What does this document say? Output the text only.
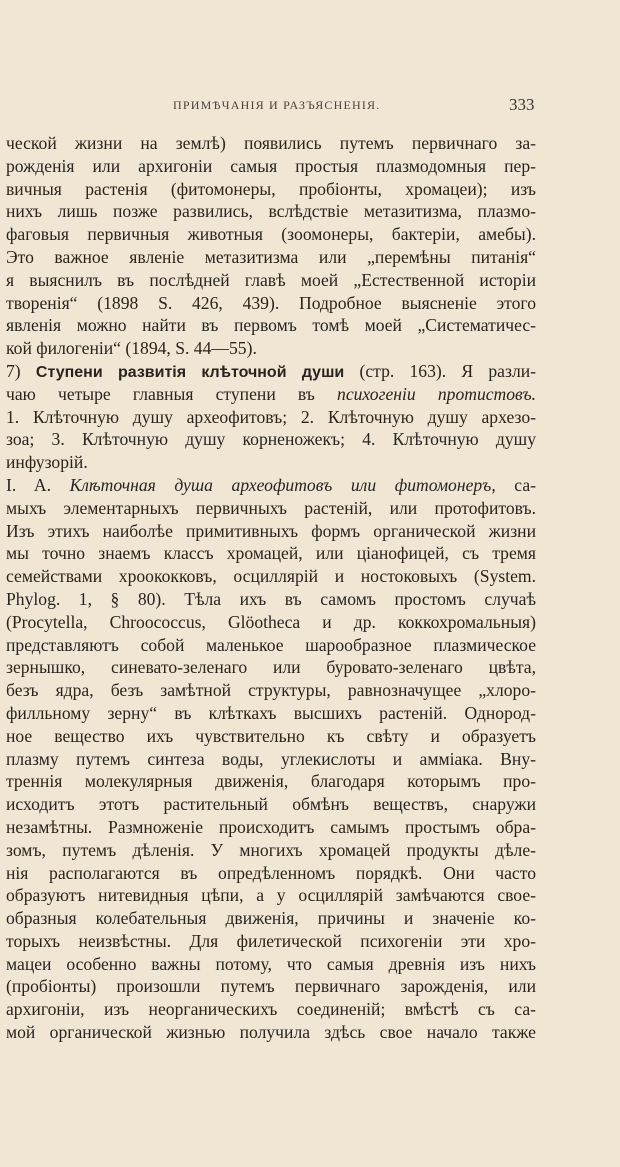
ПРИМѢЧАНІЯ И РАЗЪЯСНЕНІЯ.	333
ческой жизни на землѣ) появились путемъ первичнаго за-
рожденія или архигоніи самыя простыя плазмодомныя пер-
вичныя растенія (фитомонеры, пробіонты, хромацеи); изъ
нихъ лишь позже развились, вслѣдствіе метазитизма, плазмо-
фаговыя первичныя животныя (зоомонеры, бактеріи, амебы).
Это важное явленіе метазитизма или „перемѣны питанія“
я выяснилъ въ послѣдней главѣ моей „Естественной исторіи
творенія“ (1898 S. 426, 439). Подробное выясненіе этого
явленія можно найти въ первомъ томѣ моей „Систематичес-
кой филогеніи“ (1894, S. 44—55).
7) Ступени развитія клѣточной души (стр. 163). Я разли-
чаю четыре главныя ступени въ психогеніи протистовъ.
1. Клѣточную душу археофитовъ; 2. Клѣточную душу архезо-
зоа; 3. Клѣточную душу корненожекъ; 4. Клѣточную душу
инфузорій.
I. A. Клѣточная душа археофитовъ или фитомонеръ, са-
мыхъ элементарныхъ первичныхъ растеній, или протофитовъ.
Изъ этихъ наиболѣе примитивныхъ формъ органической жизни
мы точно знаемъ классъ хромацей, или ціанофицей, съ тремя
семействами хроококковъ, осциллярій и ностоковыхъ (System.
Phylog. 1, § 80). Тѣла ихъ въ самомъ простомъ случаѣ
(Procytella, Chroococcus, Glöotheca и др. коккохромальныя)
представляютъ собой маленькое шарообразное плазмическое
зернышко, синевато-зеленаго или буровато-зеленаго цвѣта,
безъ ядра, безъ замѣтной структуры, равнозначущее „хлоро-
филльному зерну“ въ клѣткахъ высшихъ растеній. Однород-
ное вещество ихъ чувствительно къ свѣту и образуетъ
плазму путемъ синтеза воды, углекислоты и аммiака. Вну-
треннія молекулярныя движенія, благодаря которымъ про-
исходитъ этотъ растительный обмѣнъ веществъ, снаружи
незамѣтны. Размноженіе происходитъ самымъ простымъ обра-
зомъ, путемъ дѣленія. У многихъ хромацей продукты дѣле-
нія располагаются въ опредѣленномъ порядкѣ. Они часто
образуютъ нитевидныя цѣпи, а у осциллярій замѣчаются свое-
образныя колебательныя движенія, причины и значеніе ко-
торыхъ неизвѣстны. Для филетической психогеніи эти хро-
мацеи особенно важны потому, что самыя древнія изъ нихъ
(пробіонты) произошли путемъ первичнаго зарожденія, или
архигоніи, изъ неорганическихъ соединеній; вмѣстѣ съ са-
мой органической жизнью получила здѣсь свое начало также
